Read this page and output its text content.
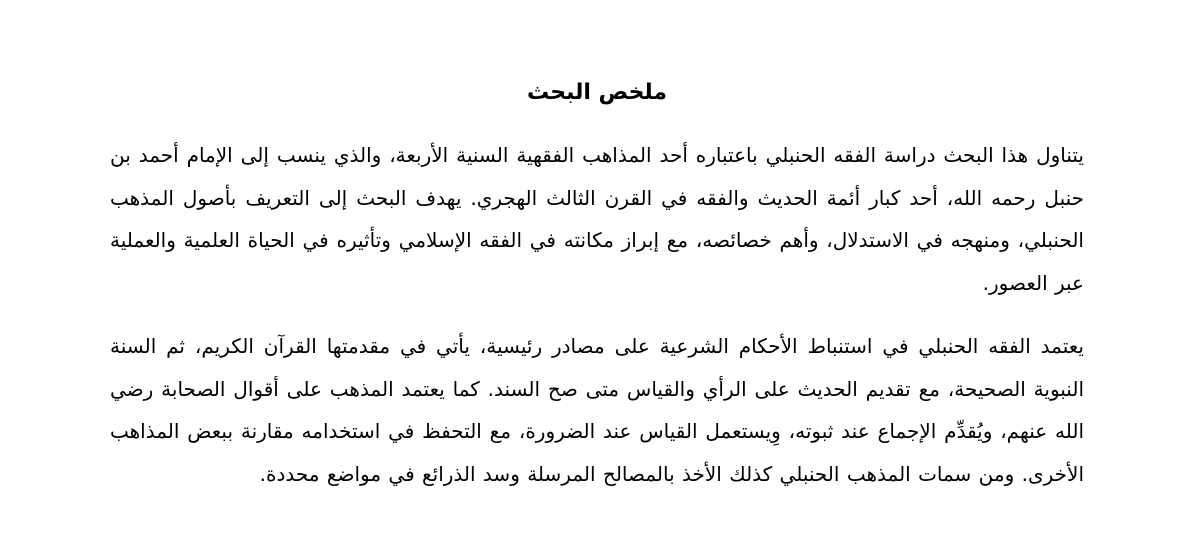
ملخص البحث

يتناول هذا البحث دراسة الفقه الحنبلي باعتباره أحد المذاهب الفقهية السنية الأربعة، والذي ينسب إلى الإمام أحمد بن حنبل رحمه الله، أحد كبار أئمة الحديث والفقه في القرن الثالث الهجري. يهدف البحث إلى التعريف بأصول المذهب الحنبلي، ومنهجه في الاستدلال، وأهم خصائصه، مع إبراز مكانته في الفقه الإسلامي وتأثيره في الحياة العلمية والعملية عبر العصور.

يعتمد الفقه الحنبلي في استنباط الأحكام الشرعية على مصادر رئيسية، يأتي في مقدمتها القرآن الكريم، ثم السنة النبوية الصحيحة، مع تقديم الحديث على الرأي والقياس متى صح السند. كما يعتمد المذهب على أقوال الصحابة رضي الله عنهم، ويُقدِّم الإجماع عند ثبوته، وِيستعمل القياس عند الضرورة، مع التحفظ في استخدامه مقارنة ببعض المذاهب الأخرى. ومن سمات المذهب الحنبلي كذلك الأخذ بالمصالح المرسلة وسد الذرائع في مواضع محددة.
